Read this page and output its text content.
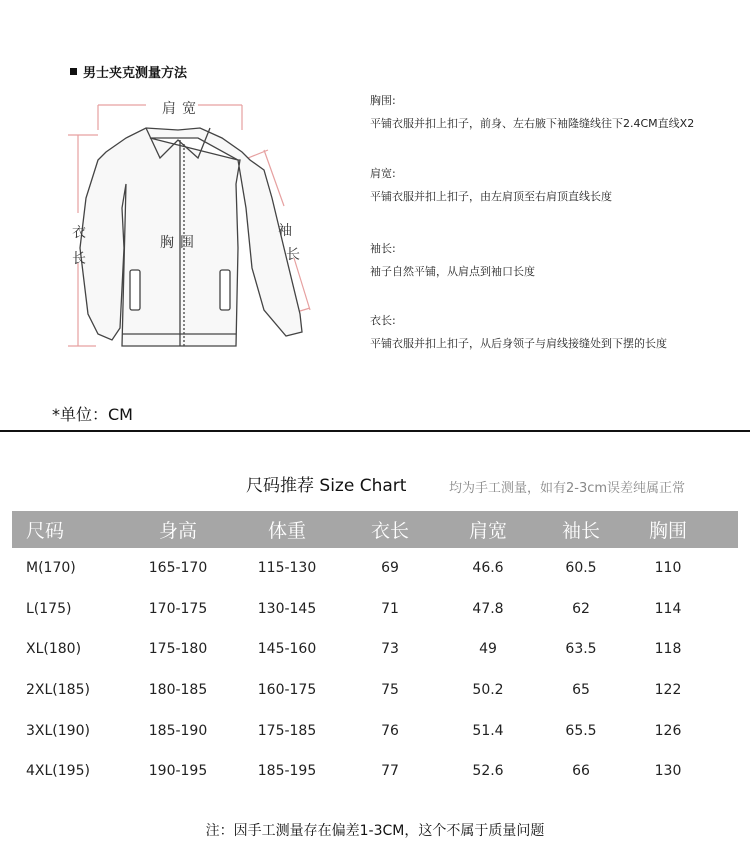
男士夹克测量方法
肩宽
胸围
衣
长
袖
长
胸围:
平铺衣服并扣上扣子，前身、左右腋下袖隆缝线往下2.4CM直线X2
肩宽:
平铺衣服并扣上扣子，由左肩顶至右肩顶直线长度
袖长:
袖子自然平铺，从肩点到袖口长度
衣长:
平铺衣服并扣上扣子，从后身领子与肩线接缝处到下摆的长度
*单位：CM
尺码推荐 Size Chart	均为手工测量，如有2-3cm误差纯属正常
尺码	身高	体重	衣长	肩宽	袖长	胸围
M(170)	165-170	115-130	69	46.6	60.5	110
L(175)	170-175	130-145	71	47.8	62	114
XL(180)	175-180	145-160	73	49	63.5	118
2XL(185)	180-185	160-175	75	50.2	65	122
3XL(190)	185-190	175-185	76	51.4	65.5	126
4XL(195)	190-195	185-195	77	52.6	66	130
注：因手工测量存在偏差1-3CM，这个不属于质量问题
